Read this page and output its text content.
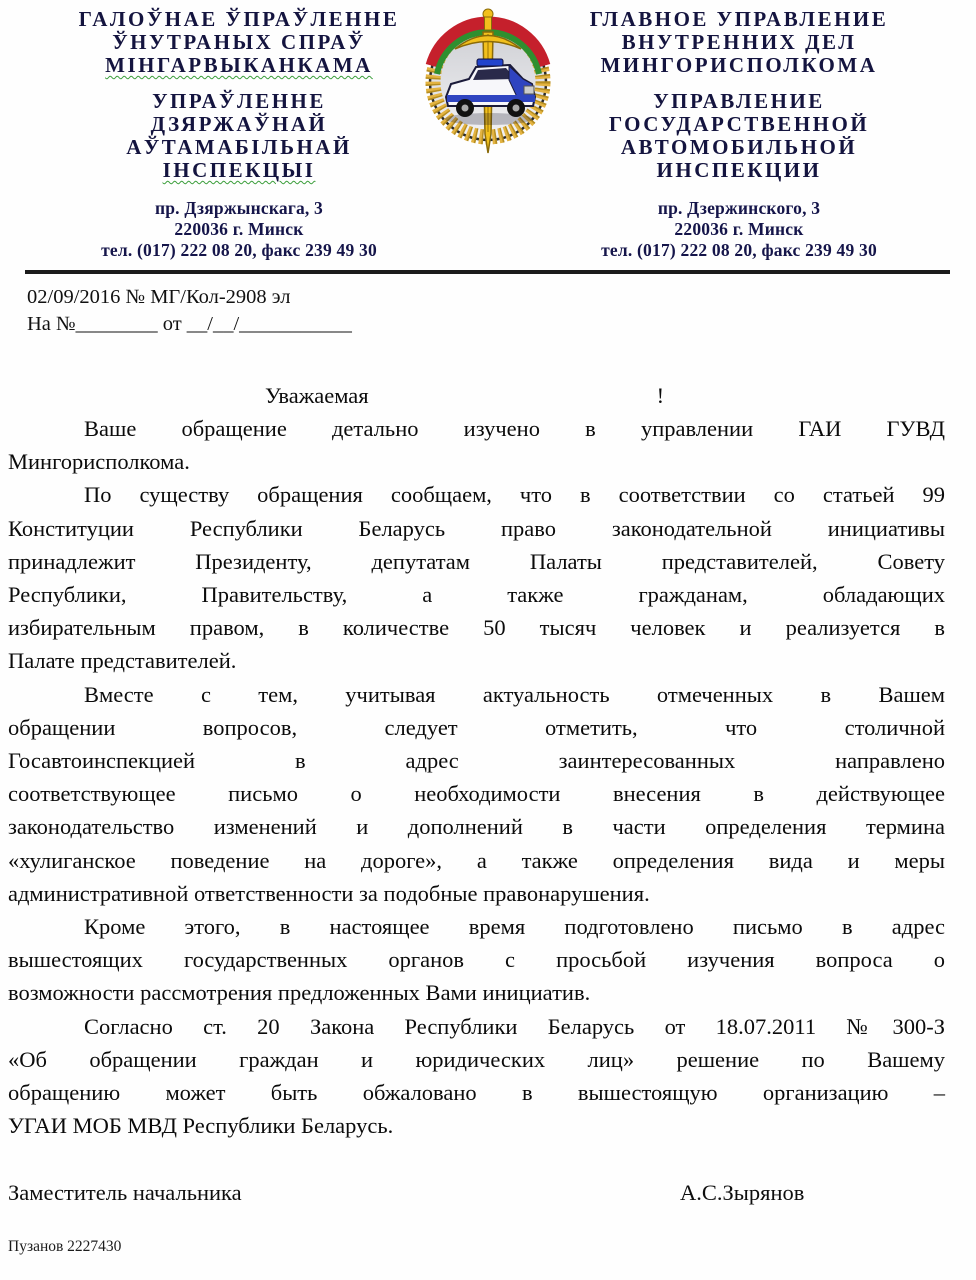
ГАЛОЎНАЕ ЎПРАЎЛЕННЕ
ЎНУТРАНЫХ СПРАЎ
МІНГАРВЫКАНКАМА
УПРАЎЛЕННЕ
ДЗЯРЖАЎНАЙ
АЎТАМАБІЛЬНАЙ
ІНСПЕКЦЫІ
пр. Дзяржынскага, 3
220036 г. Минск
тел. (017) 222 08 20, факс 239 49 30
ГЛАВНОЕ УПРАВЛЕНИЕ
ВНУТРЕННИХ ДЕЛ
МИНГОРИСПОЛКОМА
УПРАВЛЕНИЕ
ГОСУДАРСТВЕННОЙ
АВТОМОБИЛЬНОЙ
ИНСПЕКЦИИ
пр. Дзержинского, 3
220036 г. Минск
тел. (017) 222 08 20, факс 239 49 30
02/09/2016 № МГ/Кол-2908 эл
На №________ от __/__/___________
Уважаемая	!
Ваше обращение детально изучено в управлении ГАИ ГУВД
Мингорисполкома.
По существу обращения сообщаем, что в соответствии со статьей 99
Конституции Республики Беларусь право законодательной инициативы
принадлежит Президенту, депутатам Палаты представителей, Совету
Республики, Правительству, а также гражданам, обладающих
избирательным правом, в количестве 50 тысяч человек и реализуется в
Палате представителей.
Вместе с тем, учитывая актуальность отмеченных в Вашем
обращении вопросов, следует отметить, что столичной
Госавтоинспекцией в адрес заинтересованных направлено
соответствующее письмо о необходимости внесения в действующее
законодательство изменений и дополнений в части определения термина
«хулиганское поведение на дороге», а также определения вида и меры
административной ответственности за подобные правонарушения.
Кроме этого, в настоящее время подготовлено письмо в адрес
вышестоящих государственных органов с просьбой изучения вопроса о
возможности рассмотрения предложенных Вами инициатив.
Согласно ст. 20 Закона Республики Беларусь от 18.07.2011 №300-З
«Об обращении граждан и юридических лиц» решение по Вашему
обращению может быть обжаловано в вышестоящую организацию –
УГАИ МОБ МВД Республики Беларусь.
Заместитель начальника	А.С.Зырянов
Пузанов 2227430
